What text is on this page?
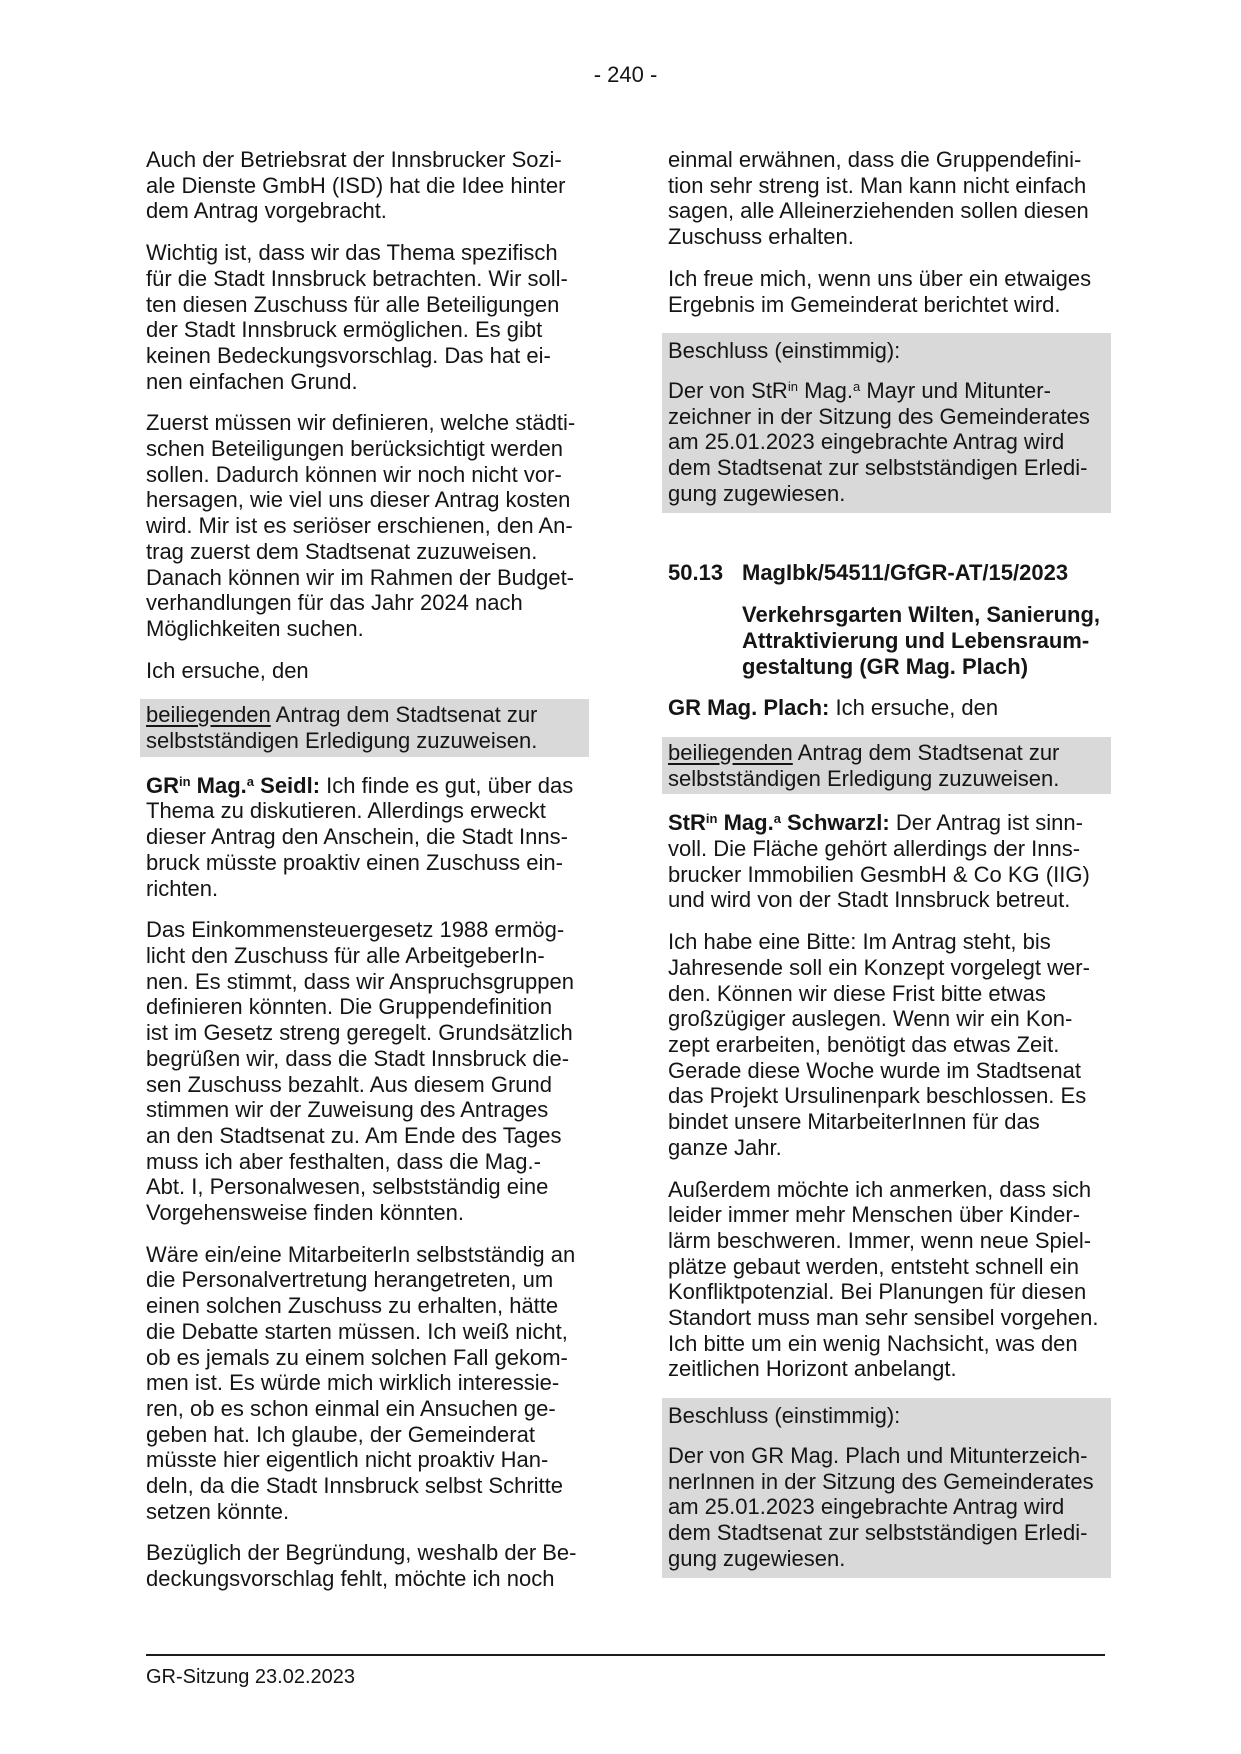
- 240 -

Auch der Betriebsrat der Innsbrucker Sozi-
ale Dienste GmbH (ISD) hat die Idee hinter
dem Antrag vorgebracht.

Wichtig ist, dass wir das Thema spezifisch
für die Stadt Innsbruck betrachten. Wir soll-
ten diesen Zuschuss für alle Beteiligungen
der Stadt Innsbruck ermöglichen. Es gibt
keinen Bedeckungsvorschlag. Das hat ei-
nen einfachen Grund.

Zuerst müssen wir definieren, welche städti-
schen Beteiligungen berücksichtigt werden
sollen. Dadurch können wir noch nicht vor-
hersagen, wie viel uns dieser Antrag kosten
wird. Mir ist es seriöser erschienen, den An-
trag zuerst dem Stadtsenat zuzuweisen.
Danach können wir im Rahmen der Budget-
verhandlungen für das Jahr 2024 nach
Möglichkeiten suchen.

Ich ersuche, den

beiliegenden Antrag dem Stadtsenat zur
selbstständigen Erledigung zuzuweisen.

$GR^{in}$ Mag.$^a$ Seidl: Ich finde es gut, über das
Thema zu diskutieren. Allerdings erweckt
dieser Antrag den Anschein, die Stadt Inns-
bruck müsste proaktiv einen Zuschuss ein-
richten.

Das Einkommensteuergesetz 1988 ermög-
licht den Zuschuss für alle ArbeitgeberIn-
nen. Es stimmt, dass wir Anspruchsgruppen
definieren könnten. Die Gruppendefinition
ist im Gesetz streng geregelt. Grundsätzlich
begrüßen wir, dass die Stadt Innsbruck die-
sen Zuschuss bezahlt. Aus diesem Grund
stimmen wir der Zuweisung des Antrages
an den Stadtsenat zu. Am Ende des Tages
muss ich aber festhalten, dass die Mag.-
Abt. I, Personalwesen, selbstständig eine
Vorgehensweise finden könnten.

Wäre ein/eine MitarbeiterIn selbstständig an
die Personalvertretung herangetreten, um
einen solchen Zuschuss zu erhalten, hätte
die Debatte starten müssen. Ich weiß nicht,
ob es jemals zu einem solchen Fall gekom-
men ist. Es würde mich wirklich interessie-
ren, ob es schon einmal ein Ansuchen ge-
geben hat. Ich glaube, der Gemeinderat
müsste hier eigentlich nicht proaktiv Han-
deln, da die Stadt Innsbruck selbst Schritte
setzen könnte.

Bezüglich der Begründung, weshalb der Be-
deckungsvorschlag fehlt, möchte ich noch

einmal erwähnen, dass die Gruppendefini-
tion sehr streng ist. Man kann nicht einfach
sagen, alle Alleinerziehenden sollen diesen
Zuschuss erhalten.

Ich freue mich, wenn uns über ein etwaiges
Ergebnis im Gemeinderat berichtet wird.

Beschluss (einstimmig):

Der von StR$^{in}$ Mag.$^a$ Mayr und Mitunter-
zeichner in der Sitzung des Gemeinderates
am 25.01.2023 eingebrachte Antrag wird
dem Stadtsenat zur selbstständigen Erledi-
gung zugewiesen.

50.13 MagIbk/54511/GfGR-AT/15/2023
Verkehrsgarten Wilten, Sanierung,
Attraktivierung und Lebensraum-
gestaltung (GR Mag. Plach)

GR Mag. Plach: Ich ersuche, den

beiliegenden Antrag dem Stadtsenat zur
selbstständigen Erledigung zuzuweisen.

StR$^{in}$ Mag.$^a$ Schwarzl: Der Antrag ist sinn-
voll. Die Fläche gehört allerdings der Inns-
brucker Immobilien GesmbH & Co KG (IIG)
und wird von der Stadt Innsbruck betreut.

Ich habe eine Bitte: Im Antrag steht, bis
Jahresende soll ein Konzept vorgelegt wer-
den. Können wir diese Frist bitte etwas
großzügiger auslegen. Wenn wir ein Kon-
zept erarbeiten, benötigt das etwas Zeit.
Gerade diese Woche wurde im Stadtsenat
das Projekt Ursulinenpark beschlossen. Es
bindet unsere MitarbeiterInnen für das
ganze Jahr.

Außerdem möchte ich anmerken, dass sich
leider immer mehr Menschen über Kinder-
lärm beschweren. Immer, wenn neue Spiel-
plätze gebaut werden, entsteht schnell ein
Konfliktpotenzial. Bei Planungen für diesen
Standort muss man sehr sensibel vorgehen.
Ich bitte um ein wenig Nachsicht, was den
zeitlichen Horizont anbelangt.

Beschluss (einstimmig):

Der von GR Mag. Plach und Mitunterzeich-
nerInnen in der Sitzung des Gemeinderates
am 25.01.2023 eingebrachte Antrag wird
dem Stadtsenat zur selbstständigen Erledi-
gung zugewiesen.

GR-Sitzung 23.02.2023
